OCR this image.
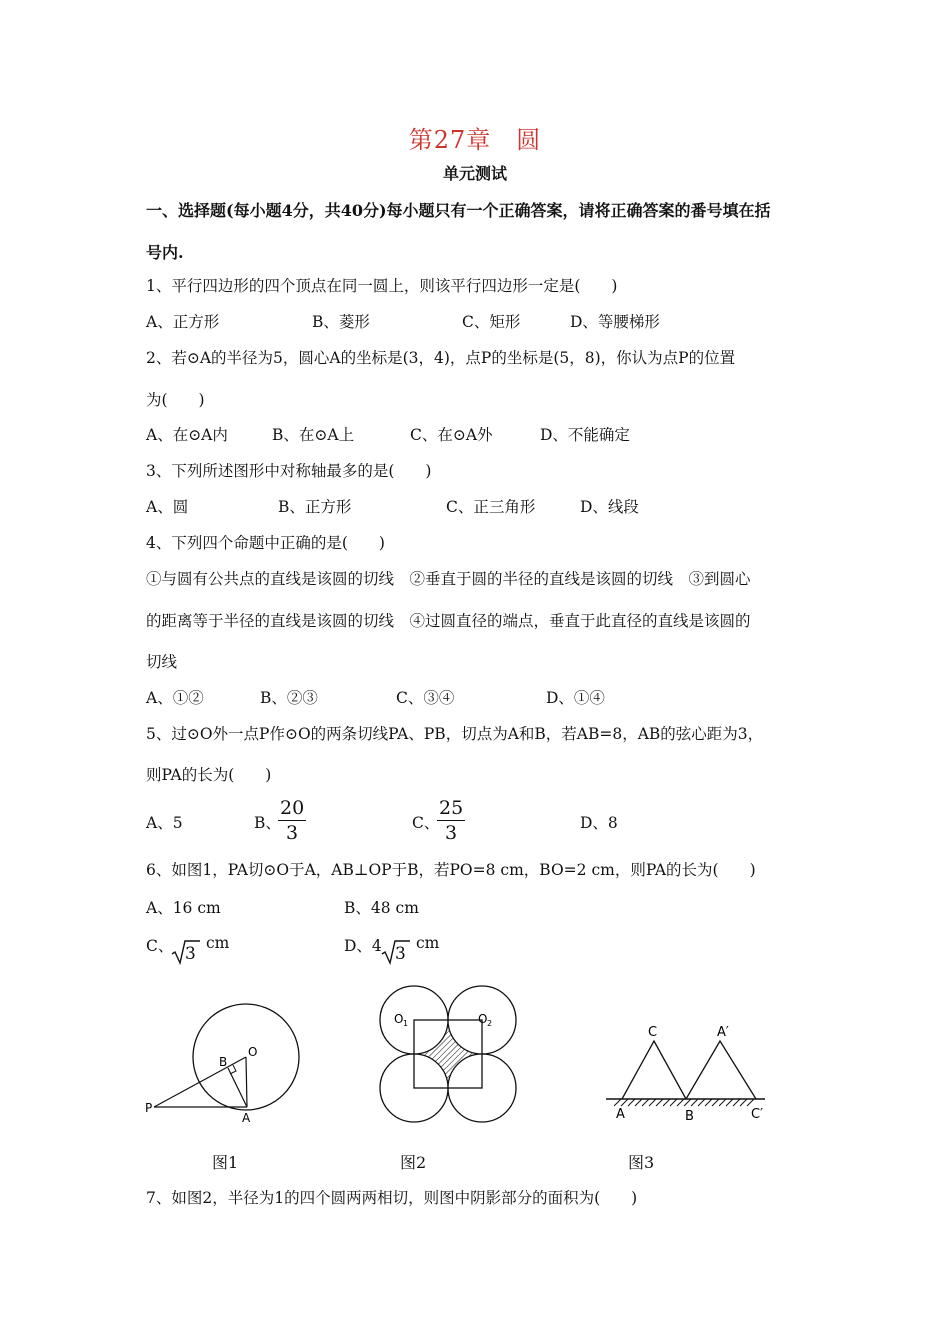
第27章　圆
单元测试
一、选择题(每小题4分，共40分)每小题只有一个正确答案，请将正确答案的番号填在括
号内.
1、平行四边形的四个顶点在同一圆上，则该平行四边形一定是(　　)
A、正方形	B、菱形	C、矩形	D、等腰梯形
2、若⊙A的半径为5，圆心A的坐标是(3，4)，点P的坐标是(5，8)，你认为点P的位置
为(　　)
A、在⊙A内	B、在⊙A上	C、在⊙A外	D、不能确定
3、下列所述图形中对称轴最多的是(　　)
A、圆	B、正方形	C、正三角形	D、线段
4、下列四个命题中正确的是(　　)
①与圆有公共点的直线是该圆的切线　②垂直于圆的半径的直线是该圆的切线　③到圆心
的距离等于半径的直线是该圆的切线　④过圆直径的端点，垂直于此直径的直线是该圆的
切线
A、①②	B、②③	C、③④	D、①④
5、过⊙O外一点P作⊙O的两条切线PA、PB，切点为A和B，若AB=8，AB的弦心距为3，
则PA的长为(　　)
A、5	B、
$\frac{20}{3}$	C、
$\frac{25}{3}$	D、8
6、如图1，PA切⊙O于A，AB⊥OP于B，若PO=8 cm，BO=2 cm，则PA的长为(　　)
A、16 cm	B、48 cm
C、 3
cm	D、4 3
cm
P
A
B
O
图1
O 1	O 2
图2
C	A′
A	B	C′
图3
7、如图2，半径为1的四个圆两两相切，则图中阴影部分的面积为(　　)
